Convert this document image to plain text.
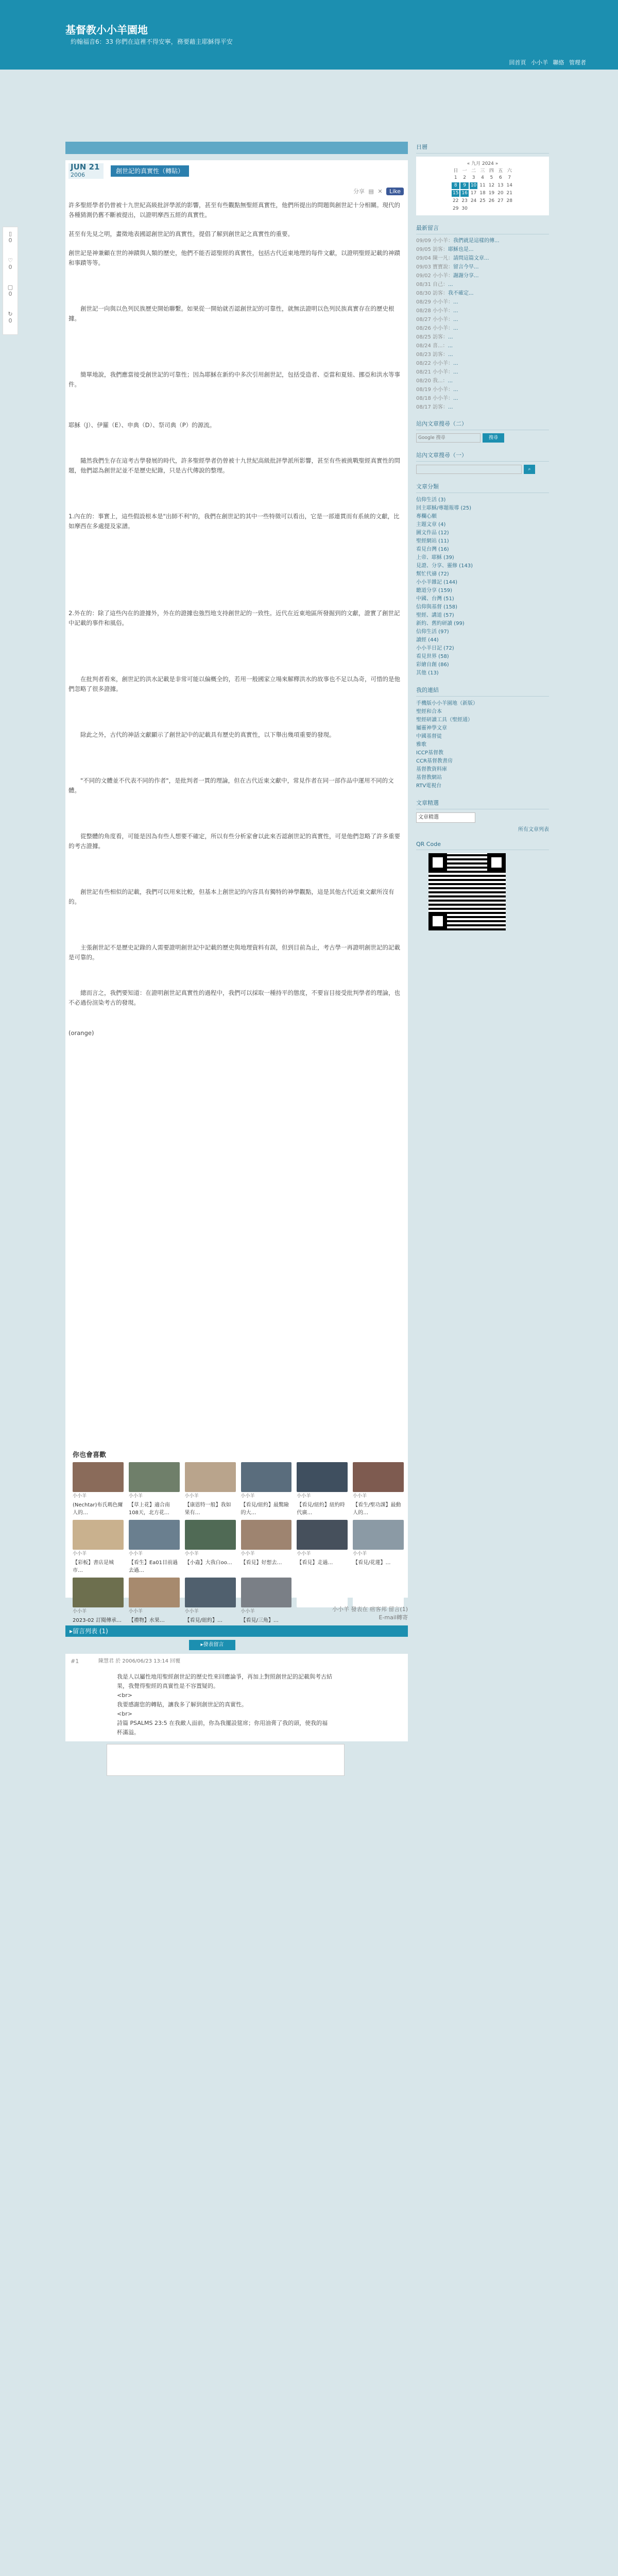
基督教小小羊園地
約翰福音6：33 你們在這裡不得安寧，務要藉主耶穌得平安
回首頁 小小羊 聯絡 管理者
▯
0
♡
0
▢
0
↻
0
JUN 21
2006
創世記的真實性（轉貼）
分享 ▤ ✕ Like

許多聖經學者仍曾被十九世紀高級批評學派的影響，甚至有些觀點無聖經真實性，他們所提出的問題與創世記十分相關。現代的各種猜測仍舊不斷被提出，以證明摩西五經的真實性。

甚至有先見之明，畫徵地表國認創世記的真實性，提倡了解到創世記之真實性的重要。

創世記是神兼顧在世的神蹟與人類的歷史，他們不能否認聖經的真實性，包括古代近東地理的每件文獻，以證明聖經記載的神蹟和事蹟等等。

創世記一向與以色列民族歷史開始聯繫。如果從一開始就否認創世記的可靠性，就無法證明以色列民族真實存在的歷史根據。

簡單地說，我們應當接受創世記的可靠性；因為耶穌在新約中多次引用創世記，包括受造者、亞當和夏娃、挪亞和洪水等事件。

耶穌（J）、伊羅（E）、申典（D）、祭司典（P）的源流。

隨然我們生存在這考古學發展的時代，許多聖經學者仍曾被十九世紀高級批評學派所影響，甚至有些被挑戰聖經真實性的問題，他們認為創世記並不是歷史紀錄，只是古代傳說的整理。

1.內在的：事實上，這些假設根本是"出師不利"的，我們在創世記的其中一些特徵可以看出，它是一部連貫而有系統的文獻，比如摩西在多處提及家譜。

2.外在的：除了這些內在的證據外，外在的證據也強烈地支持創世記的一致性。近代在近東地區所發掘到的文獻，證實了創世記中記載的事件和風俗。

在批判者看來，創世記的洪水記載是非常可能以偏概全的，若用一般國家立場來解釋洪水的故事也不足以為奇，可惜的是他們忽略了很多證據。

除此之外，古代的神話文獻顯示了創世記中的記載具有歷史的真實性，以下舉出幾項重要的發現。

"不同的文體並不代表不同的作者"，是批判者一貫的理論，但在古代近東文獻中，常見作者在同一部作品中運用不同的文體。

從整體的角度看，可能是因為有些人想要不確定，所以有些分析家會以此來否認創世記的真實性，可是他們忽略了許多重要的考古證據。

創世記有些相似的記載，我們可以用來比較，但基本上創世記的內容具有獨特的神學觀點，這是其他古代近東文獻所沒有的。

主張創世記不是歷史記錄的人需要證明創世記中記載的歷史與地理資料有誤，但到目前為止，考古學一再證明創世記的記載是可靠的。

總而言之，我們要知道：在證明創世記真實性的過程中，我們可以採取一種持平的態度，不要盲目接受批判學者的理論，也不必過份渲染考古的發現。

(orange)

你也會喜歡
小小羊
(Nechtar)布氏瑪色爾人的…
小小羊
【草上花】適合南108天，北方花…
小小羊
【康恩特一般】我如果有…
小小羊
【看見/紐約】最驚險的大…
小小羊
【看見/紐約】紐約時代廣…
小小羊
【看生/聖功課】最動人的…
小小羊
【彩板】書店是城市…
小小羊
【看生】Ea01目前過去過…
小小羊
【小蟲】大我白oo…
小小羊
【看見】好想去…
小小羊
【看見】走過…
小小羊
【看見/花蓮】…
小小羊
2023-02 訂閱傳承…
小小羊
【禮物】水果…
小小羊
【看見/紐約】…
小小羊
【看見/三角】…
小小羊 發表在 痞客邦 留言(1)
E-mail轉寄
▸留言列表 (1)
▸發表留言
#1	陳慧君 於 2006/06/23 13:14 回覆
我是人以屬性地用聖經創世記的歷史性來回應論爭，再加上對照創世記的記載與考古結果，我覺得聖經的真實性是不容置疑的。
<br>
我要感謝您的轉貼，讓我多了解到創世記的真實性。
<br>
詩篇 PSALMS 23:5 在我敵人面前，你為我擺設筵席；你用油膏了我的頭，使我的福杯滿溢。
日曆
« 九月 2024 »
日 一 二 三 四 五 六
1	2	3	4	5	6	7
8	9 10 11 12 13 14
15 16 17 18 19 20 21
22 23 24 25 26 27 28
29 30
最新留言
09/09 小小羊：我們就是這樣的傳...
09/05 訪客：耶穌也是...
09/04 陳一凡：請問這篇文章...
09/03 寶寶說：留言今早...
09/02 小小羊：謝謝分享...
08/31 自己：...
08/30 訪客：我不確定...
08/29 小小羊：...
08/28 小小羊：...
08/27 小小羊：...
08/26 小小羊：...
08/25 訪客：...
08/24 喜...：...
08/23 訪客：...
08/22 小小羊：...
08/21 小小羊：...
08/20 我...：...
08/19 小小羊：...
08/18 小小羊：...
08/17 訪客：...
站內文章搜尋（二）
Google 搜尋	搜尋
站內文章搜尋（一）
⌕
文章分類
信仰生活 (3)
回主耶穌/專題報導 (25)
專欄心願
主題文章 (4)
圖文作品 (12)
聖經網站 (11)
看見台灣 (16)
上帝、耶穌 (39)
見證、分享、靈修 (143)
幫忙代禱 (72)
小小羊雜記 (144)
聽道分享 (159)
中國、台灣 (51)
信仰與基督 (158)
聖經、講道 (57)
新約、舊約研讀 (99)
信仰生活 (97)
讀經 (44)
小小羊日記 (72)
看見世界 (58)
彩繪自創 (86)
其他 (13)
我的連結
手機版小小羊園地（新版）
聖經和合本
聖經研讀工具（聖經通）
屬靈神學文章
中國基督徒
雅歌
ICCP基督教
CCR基督教書房
基督教資料庫
基督教網站
RTV電視台
文章精選
文章精選
所有文章列表
QR Code
